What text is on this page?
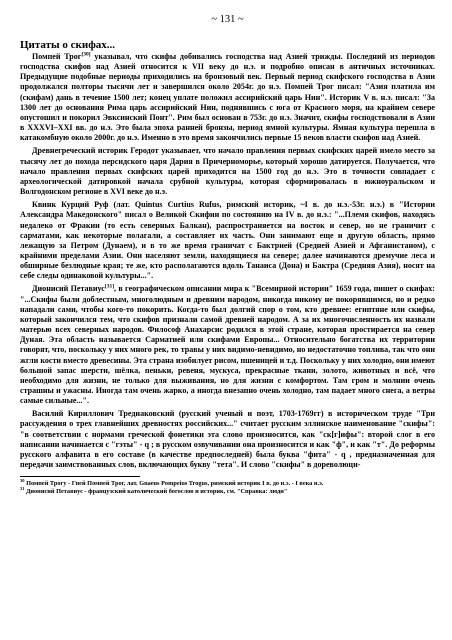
~ 131 ~
Цитаты о скифах...

Помпей Трог[30] указывал, что скифы добивались господства над Азией трижды. Последний из периодов господства скифов над Азией относится к VII веку до н.э. и подробно описан в античных источниках. Предыдущие подобные периоды приходились на бронзовый век. Первый период скифского господства в Азии продолжался полторы тысячи лет и завершился около 2054г. до н.э. Помпей Трог писал: "Азия платила им (скифам) дань в течение 1500 лет; конец уплате положил ассирийский царь Нин". Историк V в. н.э. писал: "За 1300 лет до основания Рима царь ассирийский Нин, поднявшись с юга от Красного моря, на крайнем севере опустошил и покорил Эвксинский Понт". Рим был основан в 753г. до н.э. Значит, скифы господствовали в Азии в XXXVI–XXI вв. до н.э. Это была эпоха ранней бронзы, период ямной культуры. Ямная культура перешла в катакомбную около 2000г. до н.э. Именно в это время закончились первые 15 веков власти скифов над Азией.

Древнегреческий историк Геродот указывает, что начало правления первых скифских царей имело место за тысячу лет до похода персидского царя Дария в Причерноморье, который хорошо датируется. Получается, что начало правления первых скифских царей приходится на 1500 год до н.э. Это в точности совпадает с археологической датировкой начала срубной культуры, которая сформировалась в южноуральском и Волгодонском регионе в XVI веке до н.э.

Квинк Курций Руф (лат. Quintus Curtius Rufus, римский историк, ~I в. до н.э.-53г. н.э.) в "Истории Александра Македонского" писал о Великой Скифии по состоянию на IV в. до н.э.: "...Племя скифов, находясь недалеко от Фракии (то есть северных Балкан), распространяется на восток и север, но не граничит с сарматами, как некоторые полагали, а составляет их часть. Они занимают еще и другую область, прямо лежащую за Петром (Дунаем), и в то же время граничат с Бактрией (Средней Азией и Афганистаном), с крайними пределами Азии. Они населяют земли, находящиеся на севере; далее начинаются дремучие леса и обширные безлюдные края; те же, кто располагаются вдоль Танаиса (Дона) и Бактра (Средняя Азия), носят на себе следы одинаковой культуры...".

Дионисий Петавиус[31], в географическом описании мира к "Всемирной истории" 1659 года, пишет о скифах: "...Скифы были доблестным, многолюдным и древним народом, никогда никому не покорявшимся, но и редко нападали сами, чтобы кого-то покорить. Когда-то был долгий спор о том, кто древнее: египтяне или скифы, который закончился тем, что скифов признали самой древней народом. А за их многочисленность их назвали матерью всех северных народов. Философ Анахарсис родился в этой стране, которая простирается на север Дуная. Эта область называется Сарматией или скифами Европы... Относительно богатства их территории говорят, что, поскольку у них много рек, то травы у них видимо-невидимо, но недостаточно топлива, так что они жгли кости вместо древесины. Эта страна изобилует рисом, пшеницей и т.д. Поскольку у них холодно, они имеют большой запас шерсти, шёлка, пеньки, ревеня, мускуса, прекрасные ткани, золото, животных и всё, что необходимо для жизни, не только для выживания, но для жизни с комфортом. Там гром и молнии очень страшны и ужасны. Иногда там очень жарко, а иногда внезапно очень холодно, там падает много снега, а ветры самые сильные...".

Василий Кириллович Тредиаковский (русский ученый и поэт, 1703-1769гг) в историческом труде "Три рассуждения о трех главнейших древностях российских..." считает русским эллинское наименование "скифы": "в соответствии с нормами греческой фонетики эта слово произносится, как "ск[г]ифы": второй слог в его написании начинается с "гэты" - q ; в русском озвучивании она произносится и как "ф", и как "т". До реформы русского алфавита в его составе (в качестве предпоследней) была буква "фита" - q , предназначенная для передачи заимствованных слов, включающих букву "тета". И слово "скифы" в дореволюци-

$^{30}$ Помпей Трогу - Гней Помпей Трог, лат. Gnaeus Pompeius Trogus, римский историк I в. до н.э. - I века н.э.
$^{31}$ Дионисий Петавиус - французский католический богослов и историк, см. "Справка: люди"
